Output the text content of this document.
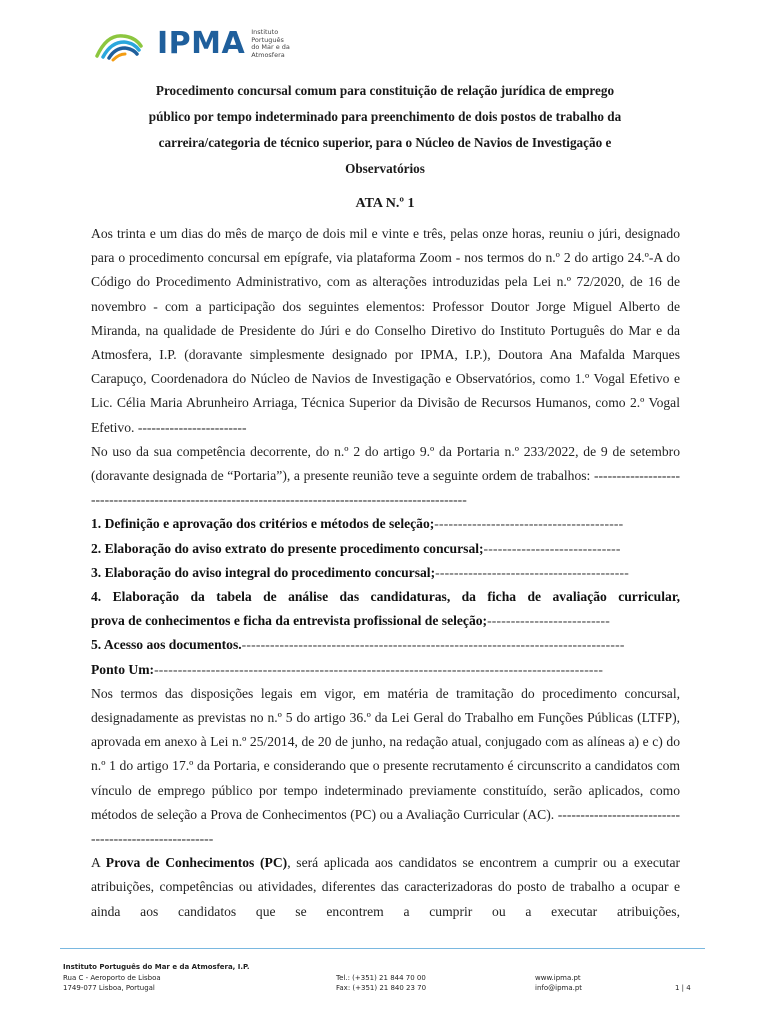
IPMA Instituto
Português
do Mar e da
Atmosfera
Procedimento concursal comum para constituição de relação jurídica de emprego
público por tempo indeterminado para preenchimento de dois postos de trabalho da
carreira/categoria de técnico superior, para o Núcleo de Navios de Investigação e
Observatórios
ATA N.º 1

Aos trinta e um dias do mês de março de dois mil e vinte e três, pelas onze horas, reuniu o júri, designado para o procedimento concursal em epígrafe, via plataforma Zoom - nos termos do n.º 2 do artigo 24.º-A do Código do Procedimento Administrativo, com as alterações introduzidas pela Lei n.º 72/2020, de 16 de novembro - com a participação dos seguintes elementos: Professor Doutor Jorge Miguel Alberto de Miranda, na qualidade de Presidente do Júri e do Conselho Diretivo do Instituto Português do Mar e da Atmosfera, I.P. (doravante simplesmente designado por IPMA, I.P.), Doutora Ana Mafalda Marques Carapuço, Coordenadora do Núcleo de Navios de Investigação e Observatórios, como 1.º Vogal Efetivo e Lic. Célia Maria Abrunheiro Arriaga, Técnica Superior da Divisão de Recursos Humanos, como 2.º Vogal Efetivo. ------------------------

No uso da sua competência decorrente, do n.º 2 do artigo 9.º da Portaria n.º 233/2022, de 9 de setembro (doravante designada de “Portaria”), a presente reunião teve a seguinte ordem de trabalhos: ------------------------------------------------------------------------------------------------------

1. Definição e aprovação dos critérios e métodos de seleção; ----------------------------------------
2. Elaboração do aviso extrato do presente procedimento concursal; -----------------------------
3. Elaboração do aviso integral do procedimento concursal; -----------------------------------------

4. Elaboração da tabela de análise das candidaturas, da ficha de avaliação curricular,

prova de conhecimentos e ficha da entrevista profissional de seleção; --------------------------
5. Acesso aos documentos. ---------------------------------------------------------------------------------
Ponto Um: -----------------------------------------------------------------------------------------------

Nos termos das disposições legais em vigor, em matéria de tramitação do procedimento concursal, designadamente as previstas no n.º 5 do artigo 36.º da Lei Geral do Trabalho em Funções Públicas (LTFP), aprovada em anexo à Lei n.º 25/2014, de 20 de junho, na redação atual, conjugado com as alíneas a) e c) do n.º 1 do artigo 17.º da Portaria, e considerando que o presente recrutamento é circunscrito a candidatos com vínculo de emprego público por tempo indeterminado previamente constituído, serão aplicados, como métodos de seleção a Prova de Conhecimentos (PC) ou a Avaliação Curricular (AC). ------------------------------------------------------

A Prova de Conhecimentos (PC), será aplicada aos candidatos se encontrem a cumprir ou a executar atribuições, competências ou atividades, diferentes das caracterizadoras do posto de trabalho a ocupar e ainda aos candidatos que se encontrem a cumprir ou a executar atribuições,

Instituto Português do Mar e da Atmosfera, I.P.
Rua C - Aeroporto de Lisboa
1749-077 Lisboa, Portugal
Tel.: (+351) 21 844 70 00
Fax: (+351) 21 840 23 70
www.ipma.pt
info@ipma.pt	1 | 4
